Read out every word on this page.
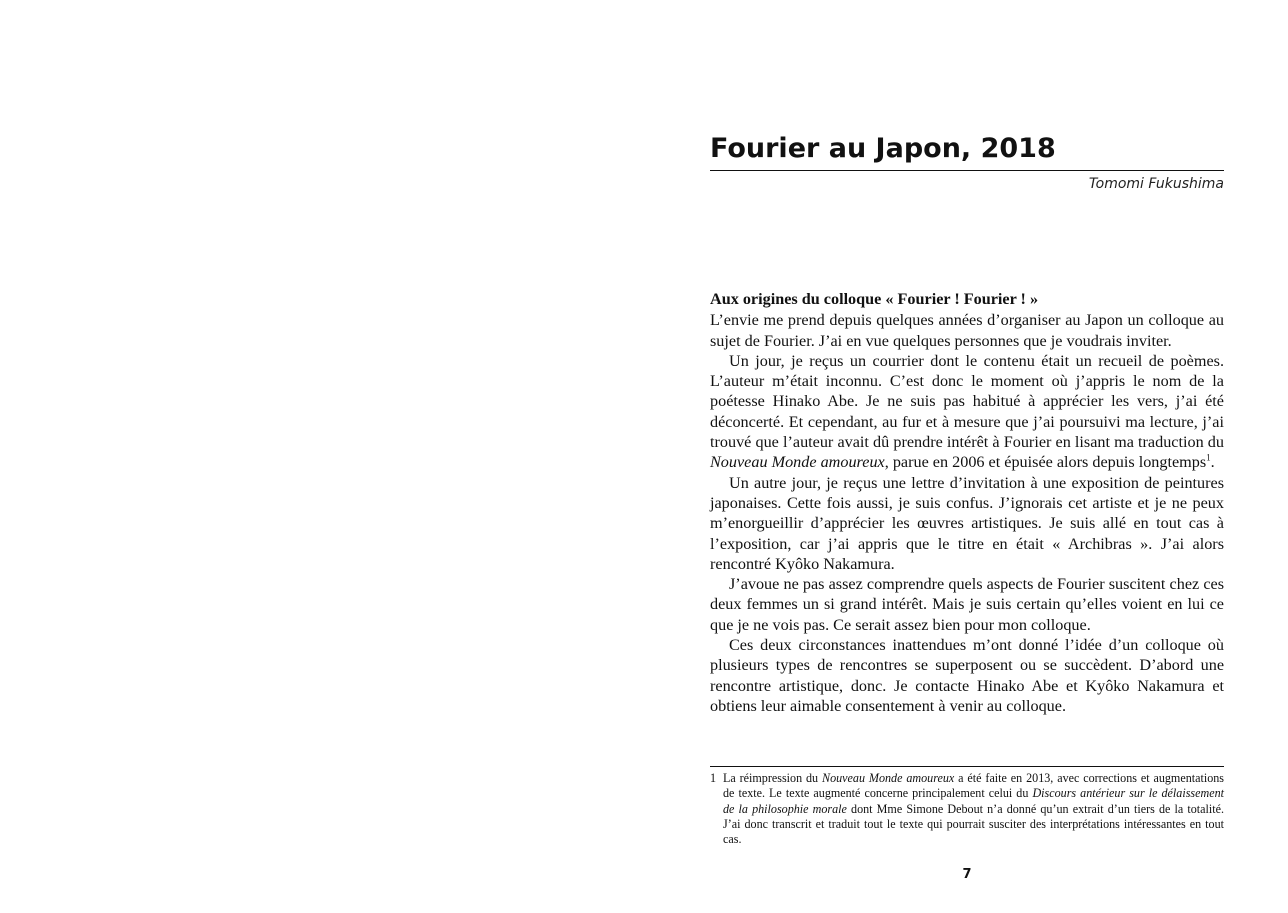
Fourier au Japon, 2018
Tomomi Fukushima
Aux origines du colloque « Fourier ! Fourier ! »

L’envie me prend depuis quelques années d’organiser au Japon un colloque au sujet de Fourier. J’ai en vue quelques personnes que je voudrais inviter.

Un jour, je reçus un courrier dont le contenu était un recueil de poèmes. L’auteur m’était inconnu. C’est donc le moment où j’appris le nom de la poétesse Hinako Abe. Je ne suis pas habitué à apprécier les vers, j’ai été déconcerté. Et cependant, au fur et à mesure que j’ai poursuivi ma lecture, j’ai trouvé que l’auteur avait dû prendre intérêt à Fourier en lisant ma traduction du Nouveau Monde amoureux, parue en 2006 et épuisée alors depuis longtemps$^1$.

Un autre jour, je reçus une lettre d’invitation à une exposition de peintures japonaises. Cette fois aussi, je suis confus. J’ignorais cet artiste et je ne peux m’enorgueillir d’apprécier les œuvres artistiques. Je suis allé en tout cas à l’exposition, car j’ai appris que le titre en était « Archibras ». J’ai alors rencontré Kyôko Nakamura.

J’avoue ne pas assez comprendre quels aspects de Fourier suscitent chez ces deux femmes un si grand intérêt. Mais je suis certain qu’elles voient en lui ce que je ne vois pas. Ce serait assez bien pour mon colloque.

Ces deux circonstances inattendues m’ont donné l’idée d’un colloque où plusieurs types de rencontres se superposent ou se succèdent. D’abord une rencontre artistique, donc. Je contacte Hinako Abe et Kyôko Nakamura et obtiens leur aimable consentement à venir au colloque.

1 La réimpression du Nouveau Monde amoureux a été faite en 2013, avec corrections et augmentations de texte. Le texte augmenté concerne principalement celui du Discours antérieur sur le délaissement de la philosophie morale dont Mme Simone Debout n’a donné qu’un extrait d’un tiers de la totalité. J’ai donc transcrit et traduit tout le texte qui pourrait susciter des interprétations intéressantes en tout cas.
7
